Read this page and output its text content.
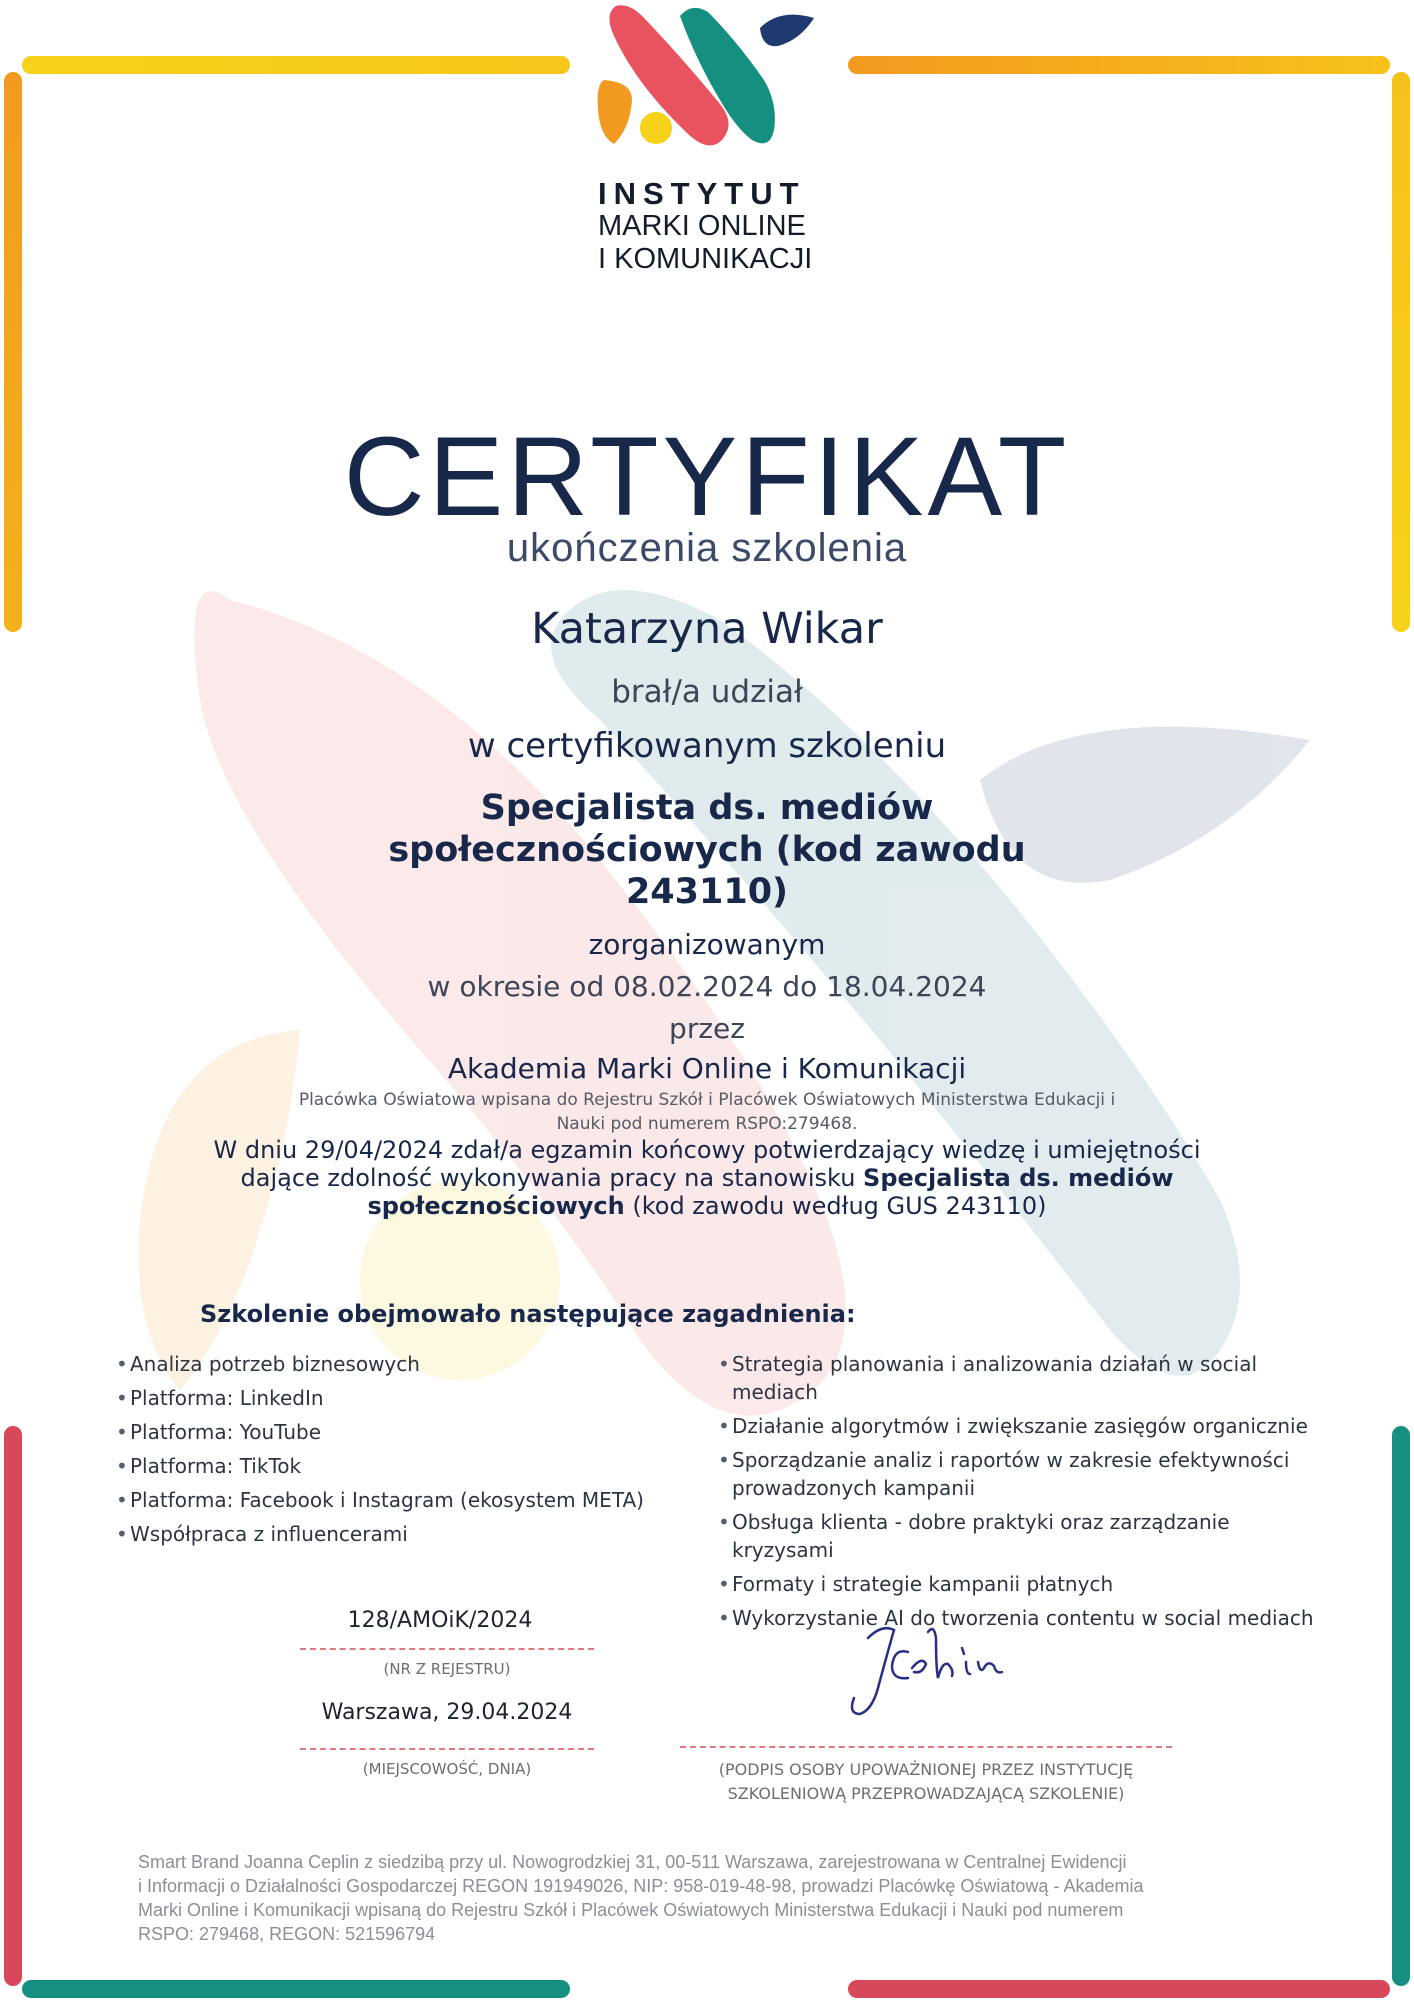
INSTYTUT
MARKI ONLINE
I KOMUNIKACJI
CERTYFIKAT
ukończenia szkolenia
Katarzyna Wikar
brał/a udział
w certyfikowanym szkoleniu
Specjalista ds. mediów
społecznościowych (kod zawodu
243110)
zorganizowanym
w okresie od 08.02.2024 do 18.04.2024
przez
Akademia Marki Online i Komunikacji
Placówka Oświatowa wpisana do Rejestru Szkół i Placówek Oświatowych Ministerstwa Edukacji i
Nauki pod numerem RSPO:279468.
W dniu 29/04/2024 zdał/a egzamin końcowy potwierdzający wiedzę i umiejętności
dające zdolność wykonywania pracy na stanowisku Specjalista ds. mediów
społecznościowych (kod zawodu według GUS 243110)
Szkolenie obejmowało następujące zagadnienia:
• Analiza potrzeb biznesowych
• Platforma: LinkedIn
• Platforma: YouTube
• Platforma: TikTok
• Platforma: Facebook i Instagram (ekosystem META)
• Współpraca z influencerami
• Strategia planowania i analizowania działań w social mediach
• Działanie algorytmów i zwiększanie zasięgów organicznie
• Sporządzanie analiz i raportów w zakresie efektywności prowadzonych kampanii
• Obsługa klienta - dobre praktyki oraz zarządzanie kryzysami
• Formaty i strategie kampanii płatnych
• Wykorzystanie AI do tworzenia contentu w social mediach
128/AMOiK/2024
(NR Z REJESTRU)
Warszawa, 29.04.2024
(MIEJSCOWOŚĆ, DNIA)	(PODPIS OSOBY UPOWAŻNIONEJ PRZEZ INSTYTUCJĘ
SZKOLENIOWĄ PRZEPROWADZAJĄCĄ SZKOLENIE)
Smart Brand Joanna Ceplin z siedzibą przy ul. Nowogrodzkiej 31, 00-511 Warszawa, zarejestrowana w Centralnej Ewidencji
i Informacji o Działalności Gospodarczej REGON 191949026, NIP: 958-019-48-98, prowadzi Placówkę Oświatową - Akademia
Marki Online i Komunikacji wpisaną do Rejestru Szkół i Placówek Oświatowych Ministerstwa Edukacji i Nauki pod numerem
RSPO: 279468, REGON: 521596794
